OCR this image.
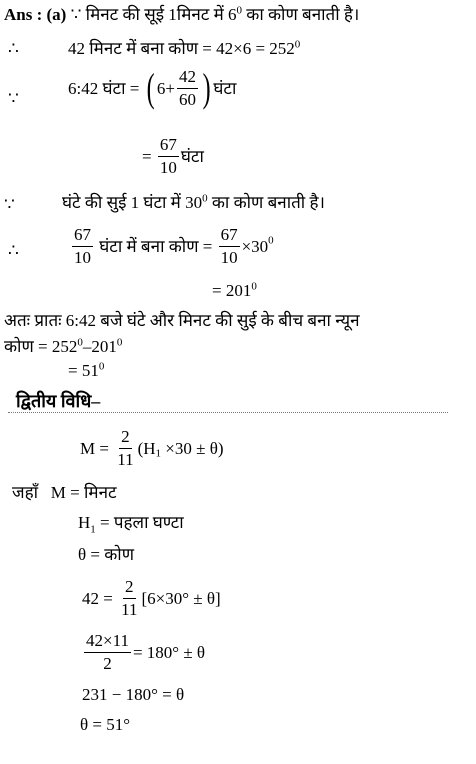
Ans : (a) ∵ मिनट की सूई 1मिनट में $6^0$ का कोण बनाती है।
∴	42 मिनट में बना कोण = $42\times 6 = 252^0$
∵
6:42 घंटा = ( $6+ \frac{42}{60}$ ) घंटा
= $\frac{67}{10}$ घंटा
∵	घंटे की सुई 1 घंटा में $30^0$ का कोण बनाती है।
∴	$\frac{67}{10}$ घंटा में बना कोण = $\frac{67}{10} \times 30^0$
= $201^0$
अतः प्रातः 6:42 बजे घंटे और मिनट की सुई के बीच बना न्यून
कोण = $252^0-201^0$
= $51^0$
द्वितीय विधि–
$M = \frac{2}{11} (H_1 \times 30 \pm \theta)$
जहाँ M = मिनट
$H_1$ = पहला घण्टा
θ = कोण
$42 = \frac{2}{11} [6\times 30^\circ \pm \theta]$
$\frac{42\times 11}{2} = 180^\circ \pm \theta$
231 − 180° = θ
θ = 51°
